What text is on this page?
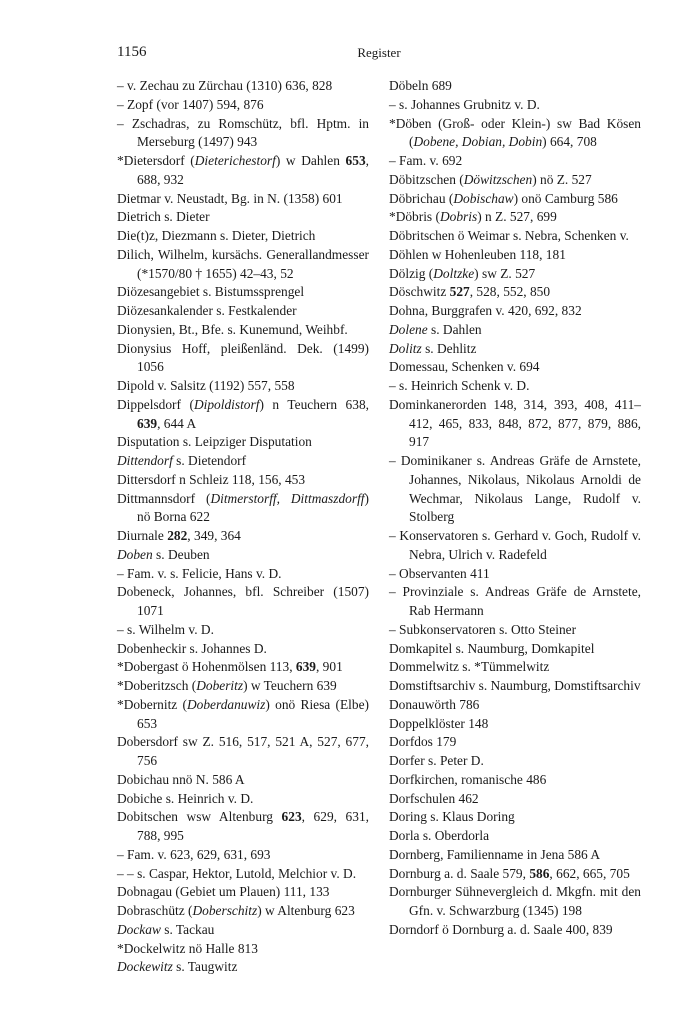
1156	Register
– v. Zechau zu Zürchau (1310) 636, 828
– Zopf (vor 1407) 594, 876
– Zschadras, zu Romschütz, bfl. Hptm. in Merseburg (1497) 943
*Dietersdorf (Dieterichestorf) w Dahlen 653, 688, 932
Dietmar v. Neustadt, Bg. in N. (1358) 601
Dietrich s. Dieter
Die(t)z, Diezmann s. Dieter, Dietrich
Dilich, Wilhelm, kursächs. Generallandmesser (*1570/80 † 1655) 42–43, 52
Diözesangebiet s. Bistumssprengel
Diözesankalender s. Festkalender
Dionysien, Bt., Bfe. s. Kunemund, Weihbf.
Dionysius Hoff, pleißenländ. Dek. (1499) 1056
Dipold v. Salsitz (1192) 557, 558
Dippelsdorf (Dipoldistorf) n Teuchern 638, 639, 644 A
Disputation s. Leipziger Disputation
Dittendorf s. Dietendorf
Dittersdorf n Schleiz 118, 156, 453
Dittmannsdorf (Ditmerstorff, Dittmaszdorff) nö Borna 622
Diurnale 282, 349, 364
Doben s. Deuben
– Fam. v. s. Felicie, Hans v. D.
Dobeneck, Johannes, bfl. Schreiber (1507) 1071
– s. Wilhelm v. D.
Dobenheckir s. Johannes D.
*Dobergast ö Hohenmölsen 113, 639, 901
*Doberitzsch (Doberitz) w Teuchern 639
*Dobernitz (Doberdanuwiz) onö Riesa (Elbe) 653
Dobersdorf sw Z. 516, 517, 521 A, 527, 677, 756
Dobichau nnö N. 586 A
Dobiche s. Heinrich v. D.
Dobitschen wsw Altenburg 623, 629, 631, 788, 995
– Fam. v. 623, 629, 631, 693
– – s. Caspar, Hektor, Lutold, Melchior v. D.
Dobnagau (Gebiet um Plauen) 111, 133
Dobraschütz (Doberschitz) w Altenburg 623
Dockaw s. Tackau
*Dockelwitz nö Halle 813
Dockewitz s. Taugwitz
Döbeln 689
– s. Johannes Grubnitz v. D.
*Döben (Groß- oder Klein-) sw Bad Kösen (Dobene, Dobian, Dobin) 664, 708
– Fam. v. 692
Döbitzschen (Döwitzschen) nö Z. 527
Döbrichau (Dobischaw) onö Camburg 586
*Döbris (Dobris) n Z. 527, 699
Döbritschen ö Weimar s. Nebra, Schenken v.
Döhlen w Hohenleuben 118, 181
Dölzig (Doltzke) sw Z. 527
Döschwitz 527, 528, 552, 850
Dohna, Burggrafen v. 420, 692, 832
Dolene s. Dahlen
Dolitz s. Dehlitz
Domessau, Schenken v. 694
– s. Heinrich Schenk v. D.
Dominkanerorden 148, 314, 393, 408, 411–412, 465, 833, 848, 872, 877, 879, 886, 917
– Dominikaner s. Andreas Gräfe de Arnstete, Johannes, Nikolaus, Nikolaus Arnoldi de Wechmar, Nikolaus Lange, Rudolf v. Stolberg
– Konservatoren s. Gerhard v. Goch, Rudolf v. Nebra, Ulrich v. Radefeld
– Observanten 411
– Provinziale s. Andreas Gräfe de Arnstete, Rab Hermann
– Subkonservatoren s. Otto Steiner
Domkapitel s. Naumburg, Domkapitel
Dommelwitz s. *Tümmelwitz
Domstiftsarchiv s. Naumburg, Domstiftsarchiv
Donauwörth 786
Doppelklöster 148
Dorfdos 179
Dorfer s. Peter D.
Dorfkirchen, romanische 486
Dorfschulen 462
Doring s. Klaus Doring
Dorla s. Oberdorla
Dornberg, Familienname in Jena 586 A
Dornburg a. d. Saale 579, 586, 662, 665, 705
Dornburger Sühnevergleich d. Mkgfn. mit den Gfn. v. Schwarzburg (1345) 198
Dorndorf ö Dornburg a. d. Saale 400, 839
